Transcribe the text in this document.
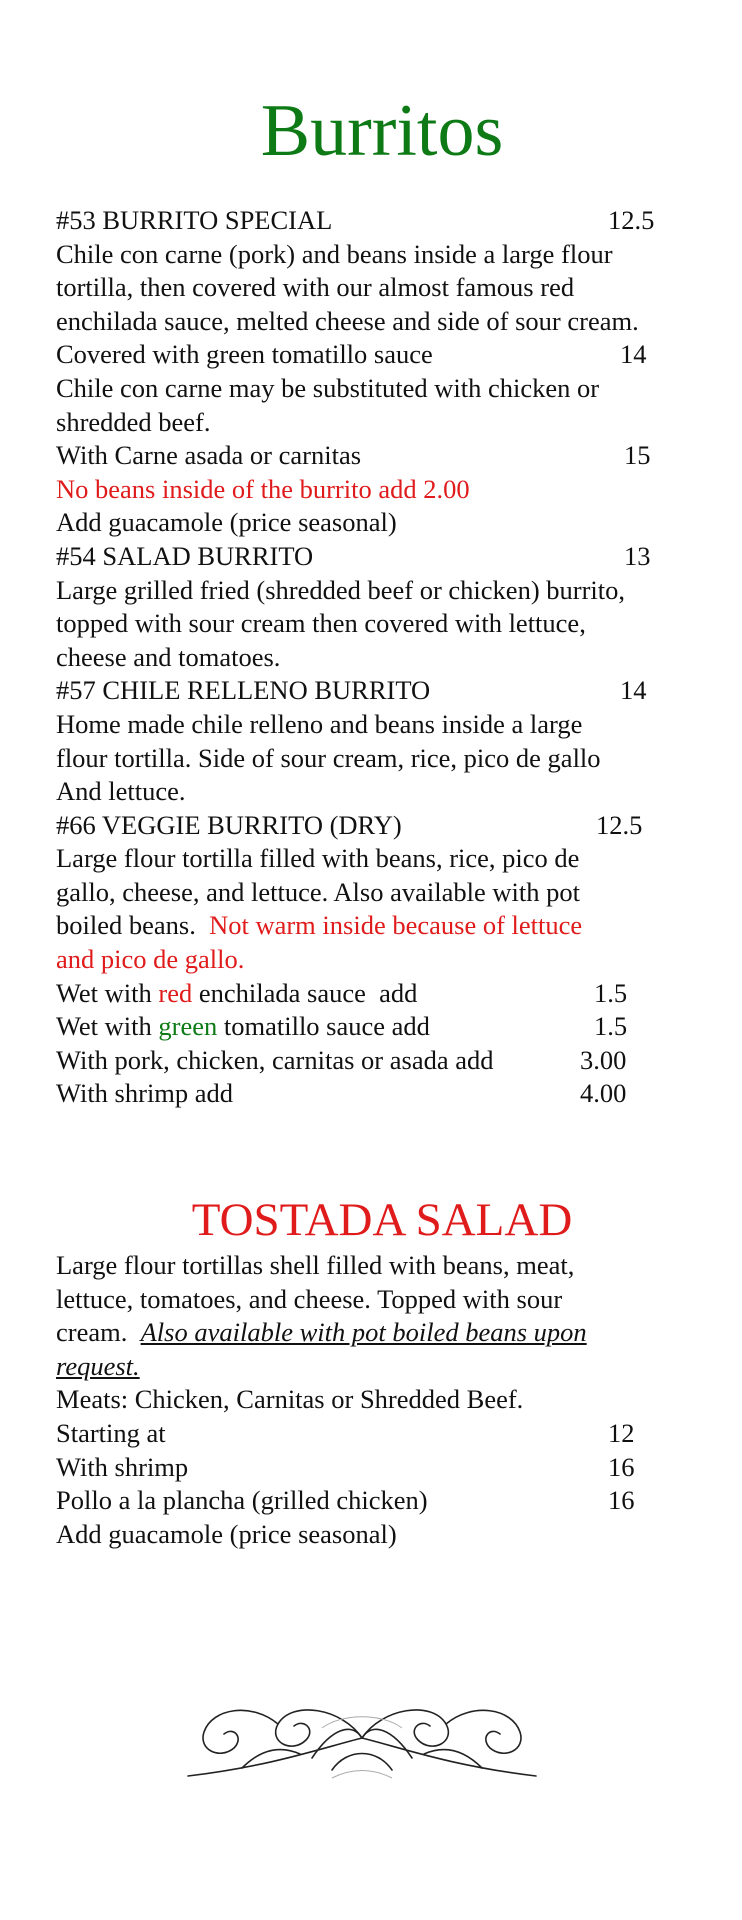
Burritos
#53 BURRITO SPECIAL	12.5
Chile con carne (pork) and beans inside a large flour
tortilla, then covered with our almost famous red
enchilada sauce, melted cheese and side of sour cream.
Covered with green tomatillo sauce	14
Chile con carne may be substituted with chicken or
shredded beef.
With Carne asada or carnitas	15
No beans inside of the burrito add 2.00
Add guacamole (price seasonal)
#54 SALAD BURRITO	13
Large grilled fried (shredded beef or chicken) burrito,
topped with sour cream then covered with lettuce,
cheese and tomatoes.
#57 CHILE RELLENO BURRITO	14
Home made chile relleno and beans inside a large
flour tortilla. Side of sour cream, rice, pico de gallo
And lettuce.
#66 VEGGIE BURRITO (DRY)	12.5
Large flour tortilla filled with beans, rice, pico de
gallo, cheese, and lettuce. Also available with pot
boiled beans.  Not warm inside because of lettuce
and pico de gallo.
Wet with red enchilada sauce  add	1.5
Wet with green tomatillo sauce add	1.5
With pork, chicken, carnitas or asada add	3.00
With shrimp add	4.00
TOSTADA SALAD
Large flour tortillas shell filled with beans, meat,
lettuce, tomatoes, and cheese. Topped with sour
cream.  Also available with pot boiled beans upon
request.
Meats: Chicken, Carnitas or Shredded Beef.
Starting at	12
With shrimp	16
Pollo a la plancha (grilled chicken)	16
Add guacamole (price seasonal)
